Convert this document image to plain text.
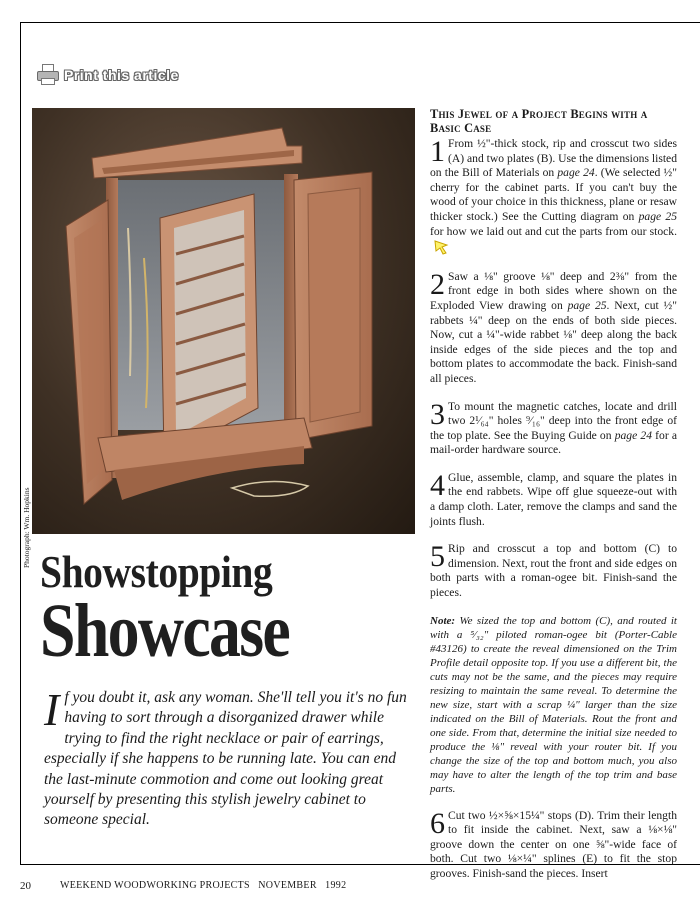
Print this article
Photograph: Wm. Hopkins
Showstopping
Showcase
If you doubt it, ask any woman. She'll tell you it's no fun having to sort through a disorganized drawer while trying to find the right necklace or pair of earrings, especially if she happens to be running late. You can end the last-minute commotion and come out looking great yourself by presenting this stylish jewelry cabinet to someone special.
This Jewel of a Project Begins with a Basic Case
1 From ½"-thick stock, rip and crosscut two sides (A) and two plates (B). Use the dimensions listed on the Bill of Materials on page 24. (We selected ½" cherry for the cabinet parts. If you can't buy the wood of your choice in this thickness, plane or resaw thicker stock.) See the Cutting diagram on page 25 for how we laid out and cut the parts from our stock.
2 Saw a ⅛" groove ⅛" deep and 2⅜" from the front edge in both sides where shown on the Exploded View drawing on page 25. Next, cut ½" rabbets ¼" deep on the ends of both side pieces. Now, cut a ¼"-wide rabbet ⅛" deep along the back inside edges of the side pieces and the top and bottom plates to accommodate the back. Finish-sand all pieces.
3 To mount the magnetic catches, locate and drill two 2¹⁄₆₄" holes ⁹⁄₁₆" deep into the front edge of the top plate. See the Buying Guide on page 24 for a mail-order hardware source.
4 Glue, assemble, clamp, and square the plates in the end rabbets. Wipe off glue squeeze-out with a damp cloth. Later, remove the clamps and sand the joints flush.
5 Rip and crosscut a top and bottom (C) to dimension. Next, rout the front and side edges on both parts with a roman-ogee bit. Finish-sand the pieces.
Note: We sized the top and bottom (C), and routed it with a ⁵⁄₃₂" piloted roman-ogee bit (Porter-Cable #43126) to create the reveal dimensioned on the Trim Profile detail opposite top. If you use a different bit, the cuts may not be the same, and the pieces may require resizing to maintain the same reveal. To determine the new size, start with a scrap ¼" larger than the size indicated on the Bill of Materials. Rout the front and one side. From that, determine the initial size needed to produce the ⅛" reveal with your router bit. If you change the size of the top and bottom much, you also may have to alter the length of the top trim and base parts.
6 Cut two ½×⅝×15¼" stops (D). Trim their length to fit inside the cabinet. Next, saw a ⅛×⅛" groove down the center on one ⅝"-wide face of both. Cut two ⅛×¼" splines (E) to fit the stop grooves. Finish-sand the pieces. Insert
20	WEEKEND WOODWORKING PROJECTS   NOVEMBER   1992
